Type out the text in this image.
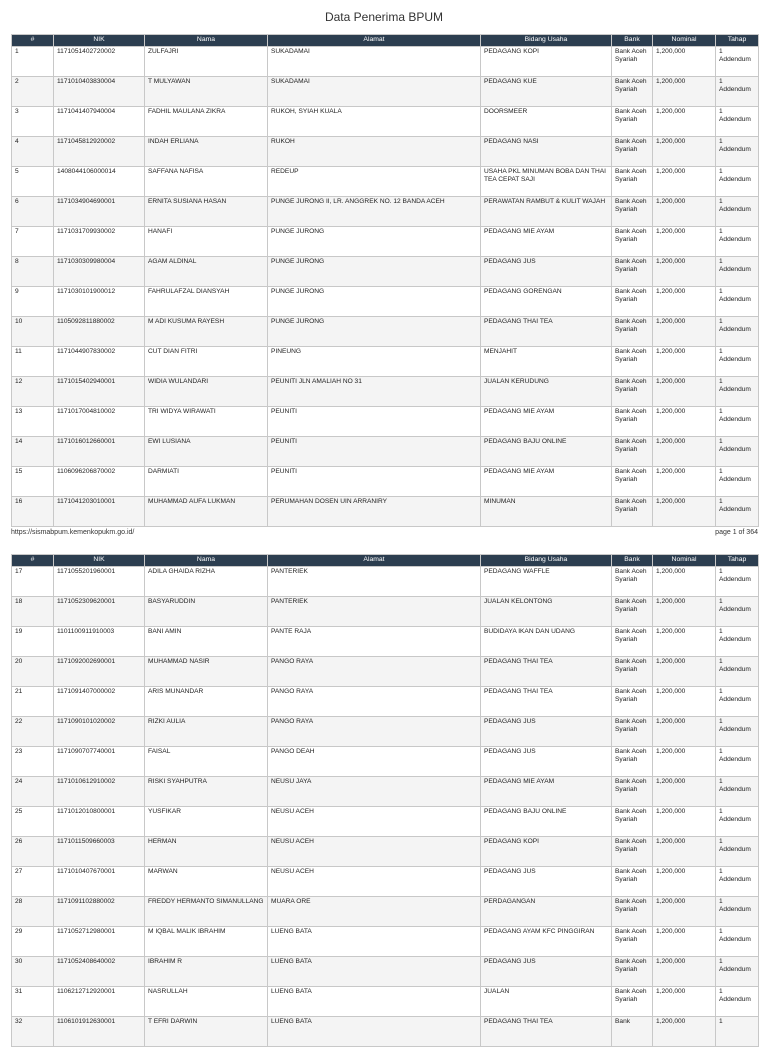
Data Penerima BPUM
#	NIK	Nama	Alamat	Bidang Usaha	Bank	Nominal	Tahap
1	1171051402720002	ZULFAJRI	SUKADAMAI	PEDAGANG KOPI	Bank Aceh Syariah	1,200,000	1 Addendum
2	1171010403830004	T MULYAWAN	SUKADAMAI	PEDAGANG KUE	Bank Aceh Syariah	1,200,000	1 Addendum
3	1171041407940004	FADHIL MAULANA ZIKRA	RUKOH, SYIAH KUALA	DOORSMEER	Bank Aceh Syariah	1,200,000	1 Addendum
4	1171045812920002	INDAH ERLIANA	RUKOH	PEDAGANG NASI	Bank Aceh Syariah	1,200,000	1 Addendum
5	1408044106000014	SAFFANA NAFISA	REDEUP	USAHA PKL MINUMAN BOBA DAN THAI TEA CEPAT SAJI	Bank Aceh Syariah	1,200,000	1 Addendum
6	1171034904690001	ERNITA SUSIANA HASAN	PUNGE JURONG II, LR. ANGGREK NO. 12 BANDA ACEH	PERAWATAN RAMBUT & KULIT WAJAH	Bank Aceh Syariah	1,200,000	1 Addendum
7	1171031709930002	HANAFI	PUNGE JURONG	PEDAGANG MIE AYAM	Bank Aceh Syariah	1,200,000	1 Addendum
8	1171030309980004	AGAM ALDINAL	PUNGE JURONG	PEDAGANG JUS	Bank Aceh Syariah	1,200,000	1 Addendum
9	1171030101900012	FAHRULAFZAL DIANSYAH	PUNGE JURONG	PEDAGANG GORENGAN	Bank Aceh Syariah	1,200,000	1 Addendum
10	1105092811880002	M ADI KUSUMA RAYESH	PUNGE JURONG	PEDAGANG THAI TEA	Bank Aceh Syariah	1,200,000	1 Addendum
11	1171044907830002	CUT DIAN FITRI	PINEUNG	MENJAHIT	Bank Aceh Syariah	1,200,000	1 Addendum
12	1171015402940001	WIDIA WULANDARI	PEUNITI JLN AMALIAH NO 31	JUALAN KERUDUNG	Bank Aceh Syariah	1,200,000	1 Addendum
13	1171017004810002	TRI WIDYA WIRAWATI	PEUNITI	PEDAGANG MIE AYAM	Bank Aceh Syariah	1,200,000	1 Addendum
14	1171016012660001	EWI LUSIANA	PEUNITI	PEDAGANG BAJU ONLINE	Bank Aceh Syariah	1,200,000	1 Addendum
15	1106096206870002	DARMIATI	PEUNITI	PEDAGANG MIE AYAM	Bank Aceh Syariah	1,200,000	1 Addendum
16	1171041203010001	MUHAMMAD AUFA LUKMAN	PERUMAHAN DOSEN UIN ARRANIRY	MINUMAN	Bank Aceh Syariah	1,200,000	1 Addendum
https://sismabpum.kemenkopukm.go.id/	page 1 of 364
#	NIK	Nama	Alamat	Bidang Usaha	Bank	Nominal	Tahap
17	1171055201960001	ADILA GHAIDA RIZHA	PANTERIEK	PEDAGANG WAFFLE	Bank Aceh Syariah	1,200,000	1 Addendum
18	1171052309620001	BASYARUDDIN	PANTERIEK	JUALAN KELONTONG	Bank Aceh Syariah	1,200,000	1 Addendum
19	1101100911910003	BANI AMIN	PANTE RAJA	BUDIDAYA IKAN DAN UDANG	Bank Aceh Syariah	1,200,000	1 Addendum
20	1171092002690001	MUHAMMAD NASIR	PANGO RAYA	PEDAGANG THAI TEA	Bank Aceh Syariah	1,200,000	1 Addendum
21	1171091407000002	ARIS MUNANDAR	PANGO RAYA	PEDAGANG THAI TEA	Bank Aceh Syariah	1,200,000	1 Addendum
22	1171090101020002	RIZKI AULIA	PANGO RAYA	PEDAGANG JUS	Bank Aceh Syariah	1,200,000	1 Addendum
23	1171090707740001	FAISAL	PANGO DEAH	PEDAGANG JUS	Bank Aceh Syariah	1,200,000	1 Addendum
24	1171010612910002	RISKI SYAHPUTRA	NEUSU JAYA	PEDAGANG MIE AYAM	Bank Aceh Syariah	1,200,000	1 Addendum
25	1171012010800001	YUSFIKAR	NEUSU ACEH	PEDAGANG BAJU ONLINE	Bank Aceh Syariah	1,200,000	1 Addendum
26	1171011509660003	HERMAN	NEUSU ACEH	PEDAGANG KOPI	Bank Aceh Syariah	1,200,000	1 Addendum
27	1171010407670001	MARWAN	NEUSU ACEH	PEDAGANG JUS	Bank Aceh Syariah	1,200,000	1 Addendum
28	1171091102880002	FREDDY HERMANTO SIMANULLANG	MUARA ORE	PERDAGANGAN	Bank Aceh Syariah	1,200,000	1 Addendum
29	1171052712980001	M IQBAL MALIK IBRAHIM	LUENG BATA	PEDAGANG AYAM KFC PINGGIRAN	Bank Aceh Syariah	1,200,000	1 Addendum
30	1171052408640002	IBRAHIM R	LUENG BATA	PEDAGANG JUS	Bank Aceh Syariah	1,200,000	1 Addendum
31	1106212712920001	NASRULLAH	LUENG BATA	JUALAN	Bank Aceh Syariah	1,200,000	1 Addendum
32	1106101912630001	T EFRI DARWIN	LUENG BATA	PEDAGANG THAI TEA	Bank	1,200,000	1
